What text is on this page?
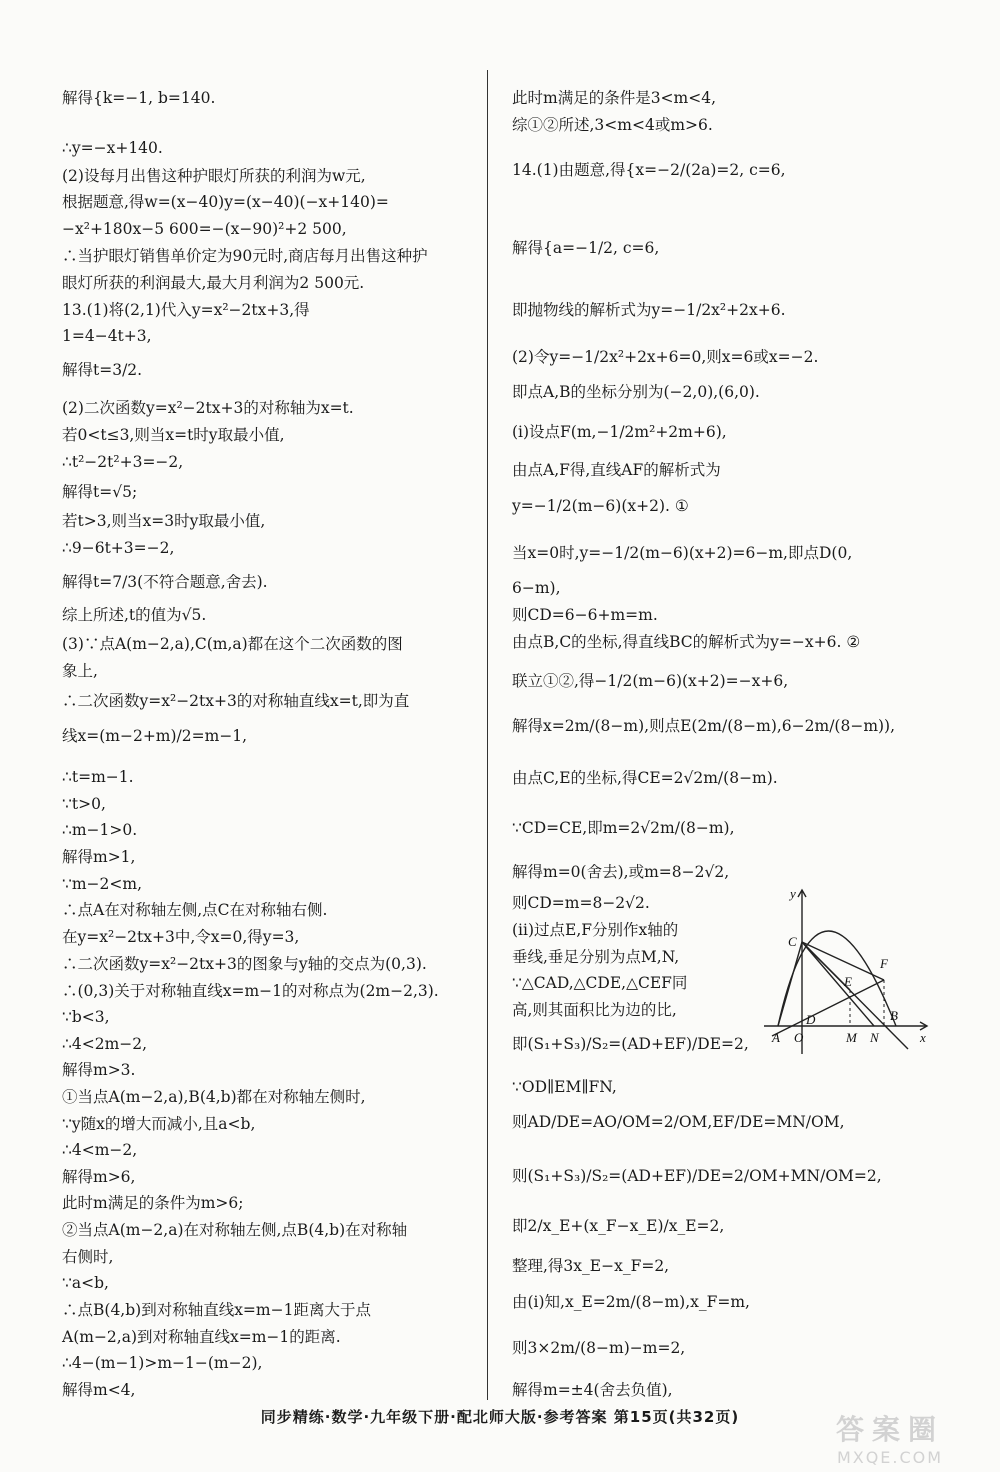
解得{k=−1, b=140.
∴y=−x+140.
(2)设每月出售这种护眼灯所获的利润为w元,
根据题意,得w=(x−40)y=(x−40)(−x+140)=
−x²+180x−5 600=−(x−90)²+2 500,
∴当护眼灯销售单价定为90元时,商店每月出售这种护
眼灯所获的利润最大,最大月利润为2 500元.
13.(1)将(2,1)代入y=x²−2tx+3,得
1=4−4t+3,
解得t=3/2.
(2)二次函数y=x²−2tx+3的对称轴为x=t.
若0<t≤3,则当x=t时y取最小值,
∴t²−2t²+3=−2,
解得t=√5;
若t>3,则当x=3时y取最小值,
∴9−6t+3=−2,
解得t=7/3(不符合题意,舍去).
综上所述,t的值为√5.
(3)∵点A(m−2,a),C(m,a)都在这个二次函数的图
象上,
∴二次函数y=x²−2tx+3的对称轴直线x=t,即为直
线x=(m−2+m)/2=m−1,
∴t=m−1.
∵t>0,
∴m−1>0.
解得m>1,
∵m−2<m,
∴点A在对称轴左侧,点C在对称轴右侧.
在y=x²−2tx+3中,令x=0,得y=3,
∴二次函数y=x²−2tx+3的图象与y轴的交点为(0,3).
∴(0,3)关于对称轴直线x=m−1的对称点为(2m−2,3).
∵b<3,
∴4<2m−2,
解得m>3.
①当点A(m−2,a),B(4,b)都在对称轴左侧时,
∵y随x的增大而减小,且a<b,
∴4<m−2,
解得m>6,
此时m满足的条件为m>6;
②当点A(m−2,a)在对称轴左侧,点B(4,b)在对称轴
右侧时,
∵a<b,
∴点B(4,b)到对称轴直线x=m−1距离大于点
A(m−2,a)到对称轴直线x=m−1的距离.
∴4−(m−1)>m−1−(m−2),
解得m<4,
此时m满足的条件是3<m<4,
综①②所述,3<m<4或m>6.
14.(1)由题意,得{x=−2/(2a)=2, c=6,
解得{a=−1/2, c=6,
即抛物线的解析式为y=−1/2x²+2x+6.
(2)令y=−1/2x²+2x+6=0,则x=6或x=−2.
即点A,B的坐标分别为(−2,0),(6,0).
(ⅰ)设点F(m,−1/2m²+2m+6),
由点A,F得,直线AF的解析式为
y=−1/2(m−6)(x+2). ①
当x=0时,y=−1/2(m−6)(x+2)=6−m,即点D(0,
6−m),
则CD=6−6+m=m.
由点B,C的坐标,得直线BC的解析式为y=−x+6. ②
联立①②,得−1/2(m−6)(x+2)=−x+6,
解得x=2m/(8−m),则点E(2m/(8−m),6−2m/(8−m)),
由点C,E的坐标,得CE=2√2m/(8−m).
∵CD=CE,即m=2√2m/(8−m),
解得m=0(舍去),或m=8−2√2,
则CD=m=8−2√2.
(ⅱ)过点E,F分别作x轴的
垂线,垂足分别为点M,N,
∵△CAD,△CDE,△CEF同
高,则其面积比为边的比,
即(S₁+S₃)/S₂=(AD+EF)/DE=2,
∵OD∥EM∥FN,
则AD/DE=AO/OM=2/OM,EF/DE=MN/OM,
则(S₁+S₃)/S₂=(AD+EF)/DE=2/OM+MN/OM=2,
即2/x_E+(x_F−x_E)/x_E=2,
整理,得3x_E−x_F=2,
由(ⅰ)知,x_E=2m/(8−m),x_F=m,
则3×2m/(8−m)−m=2,
解得m=±4(舍去负值),
y
x
C
F
E
D
A O	M N
B
同步精练·数学·九年级下册·配北师大版·参考答案 第15页(共32页)	答案圈
MXQE.COM
